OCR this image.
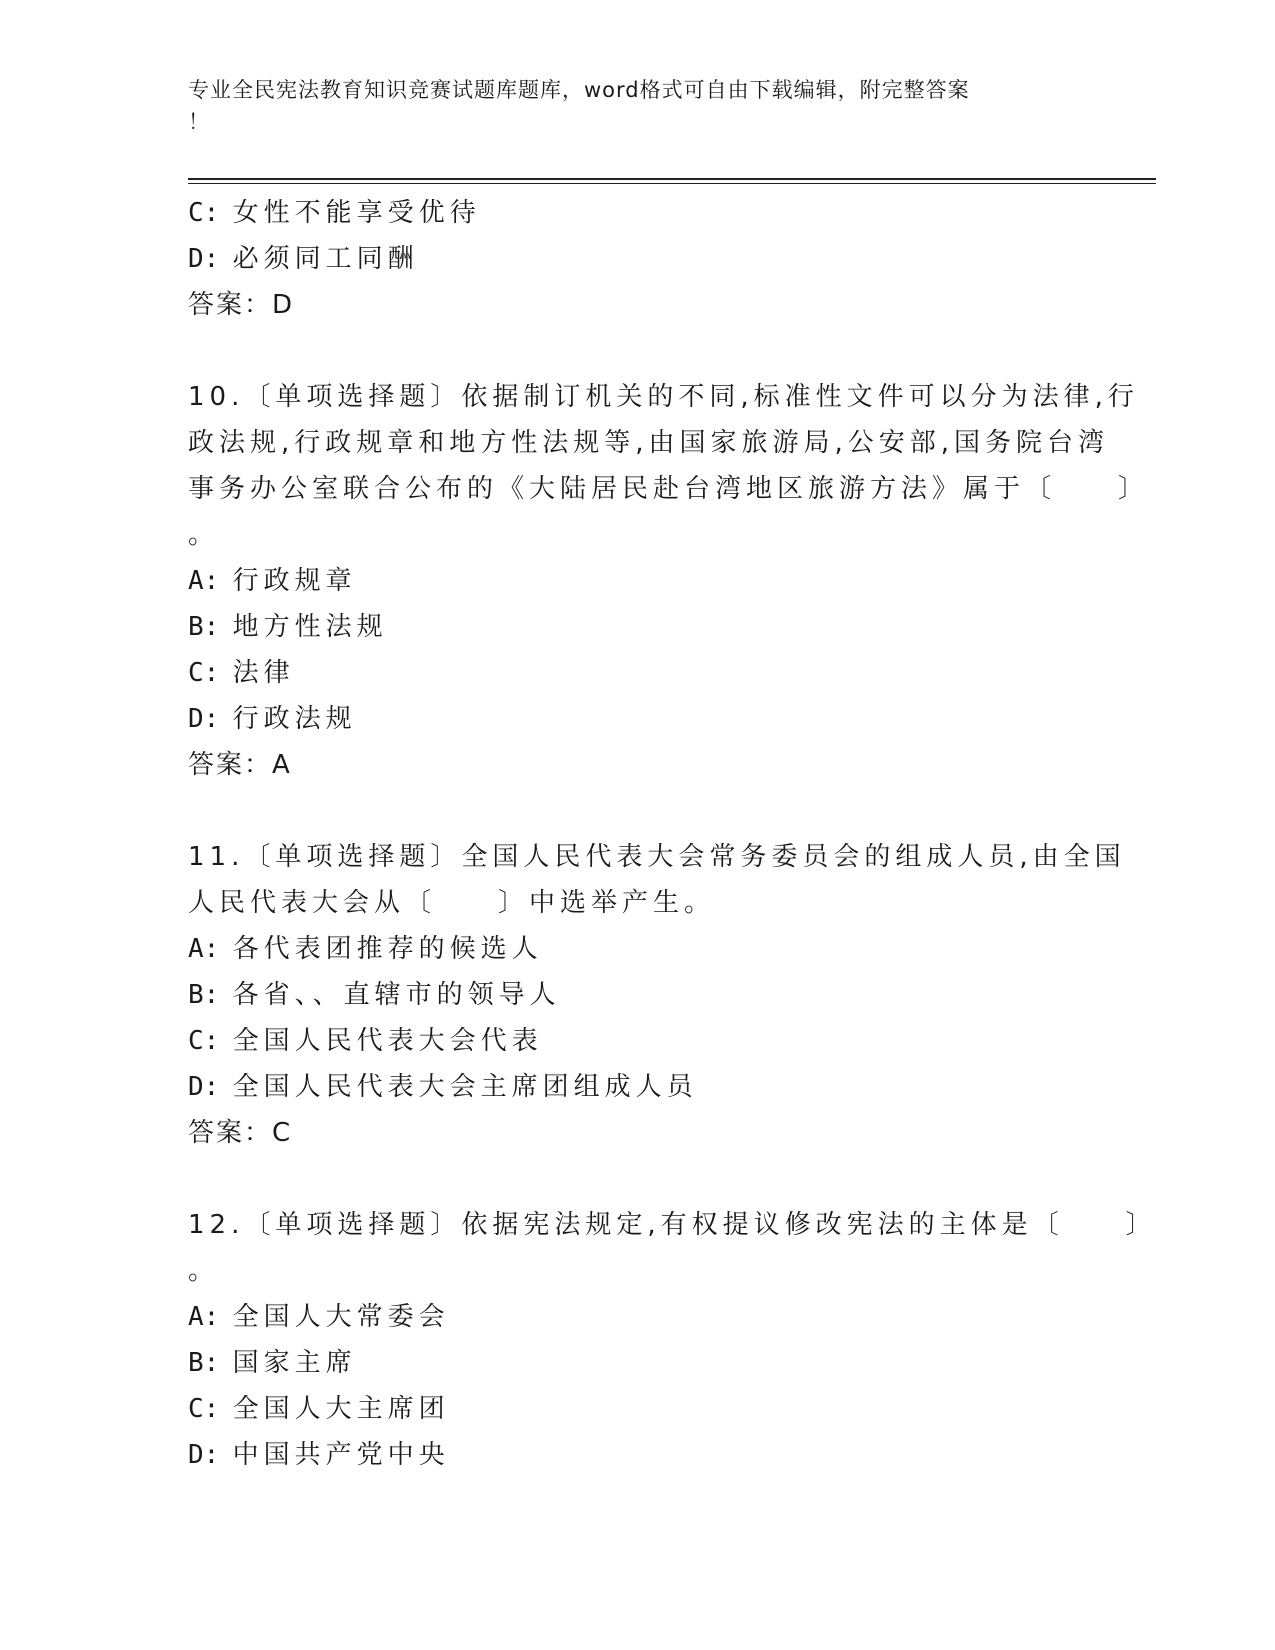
专业全民宪法教育知识竞赛试题库题库，word格式可自由下载编辑，附完整答案
！
C: 女性不能享受优待
D: 必须同工同酬
答案：D
10.〔单项选择题〕依据制订机关的不同,标准性文件可以分为法律,行
政法规,行政规章和地方性法规等,由国家旅游局,公安部,国务院台湾
事务办公室联合公布的《大陆居民赴台湾地区旅游方法》属于〔　　〕
。
A: 行政规章
B: 地方性法规
C: 法律
D: 行政法规
答案：A
11.〔单项选择题〕全国人民代表大会常务委员会的组成人员,由全国
人民代表大会从〔　　〕中选举产生。
A: 各代表团推荐的候选人
B: 各省、、直辖市的领导人
C: 全国人民代表大会代表
D: 全国人民代表大会主席团组成人员
答案：C
12.〔单项选择题〕依据宪法规定,有权提议修改宪法的主体是〔　　〕
。
A: 全国人大常委会
B: 国家主席
C: 全国人大主席团
D: 中国共产党中央
